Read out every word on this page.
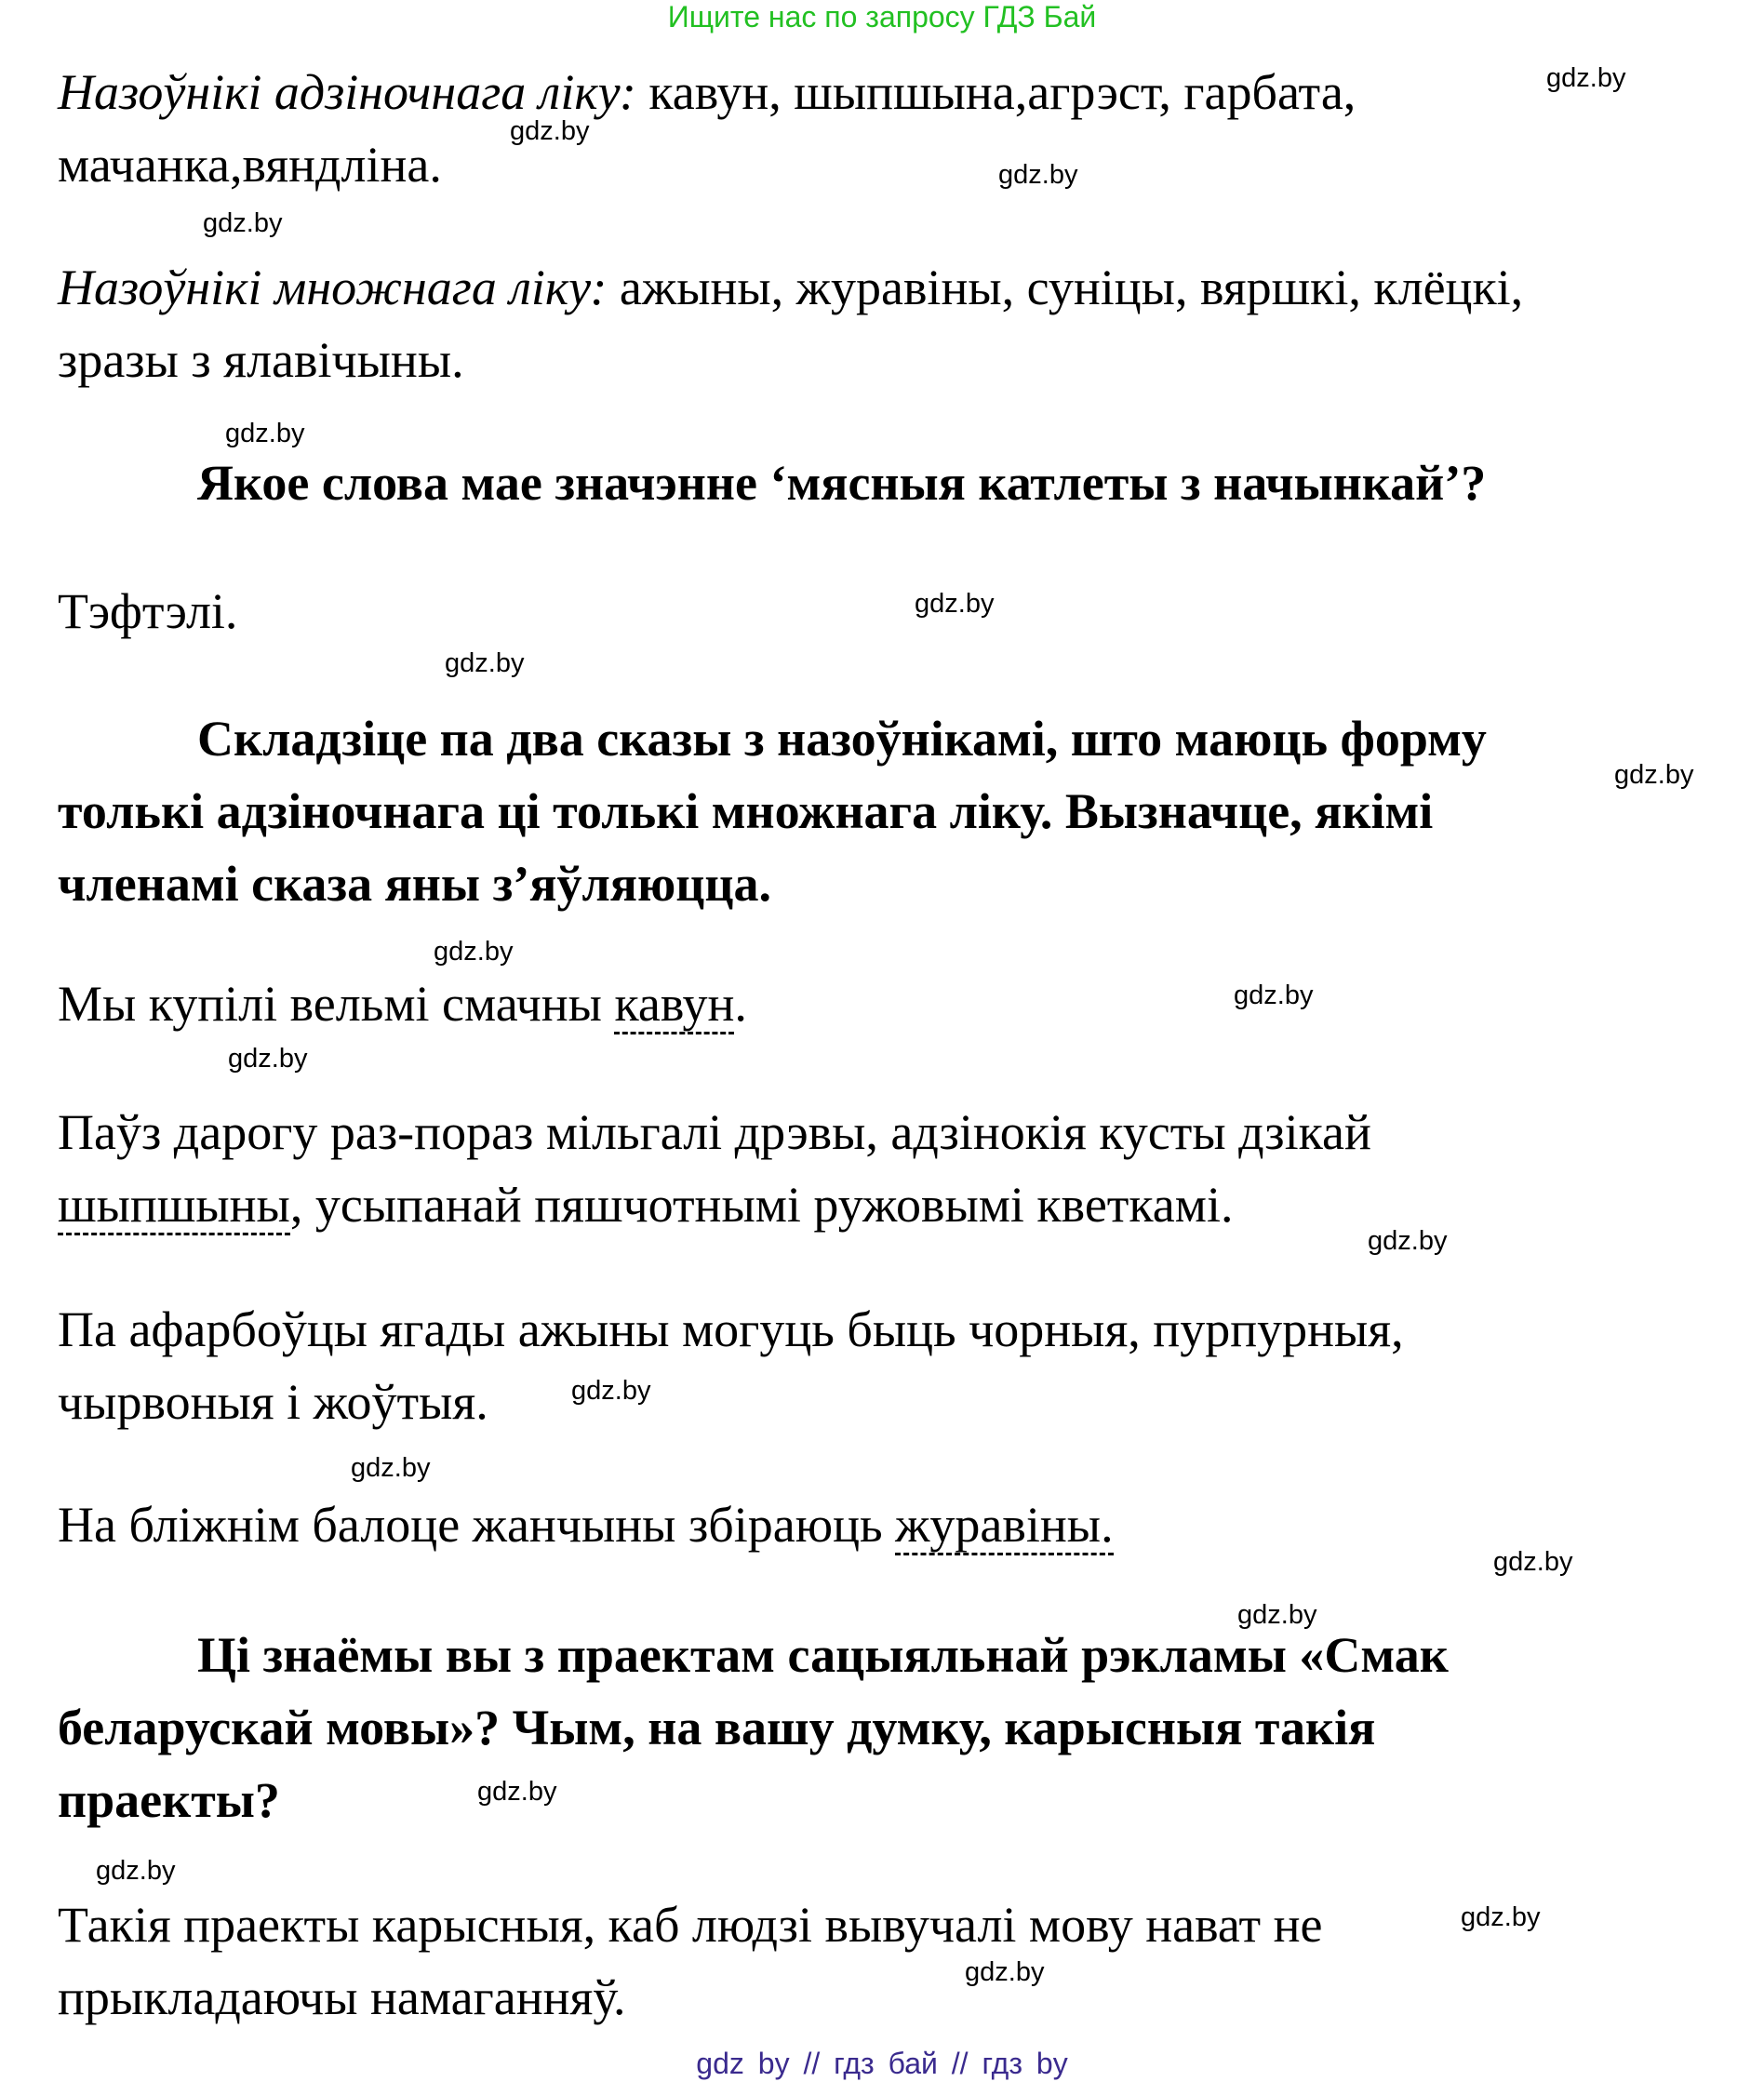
Ищите нас по запросу ГДЗ Бай
Назоўнікі адзіночнага ліку: кавун, шыпшына,агрэст, гарбата,
мачанка,вяндліна.
Назоўнікі множнага ліку: ажыны, журавіны, суніцы, вяршкі, клёцкі,
зразы з ялавічыны.
Якое слова мае значэнне ‘мясныя катлеты з начынкай’?
Тэфтэлі.
Складзіце па два сказы з назоўнікамі, што маюць форму
толькі адзіночнага ці толькі множнага ліку. Вызначце, якімі
членамі сказа яны з’яўляюцца.
Мы купілі вельмі смачны кавун.
Паўз дарогу раз-пораз мільгалі дрэвы, адзінокія кусты дзікай
шыпшыны, усыпанай пяшчотнымі ружовымі кветкамі.
Па афарбоўцы ягады ажыны могуць быць чорныя, пурпурныя,
чырвоныя і жоўтыя.
На бліжнім балоце жанчыны збіраюць журавіны.
Ці знаёмы вы з праектам сацыяльнай рэкламы «Смак
беларускай мовы»? Чым, на вашу думку, карысныя такія
праекты?
Такія праекты карысныя, каб людзі вывучалі мову нават не
прыкладаючы намаганняў.
gdz.by
gdz.by
gdz.by
gdz.by
gdz.by
gdz.by
gdz.by
gdz.by
gdz.by
gdz.by
gdz.by
gdz.by
gdz.by
gdz.by
gdz.by
gdz.by
gdz.by
gdz.by
gdz.by
gdz.by
gdz by // гдз бай // гдз by
